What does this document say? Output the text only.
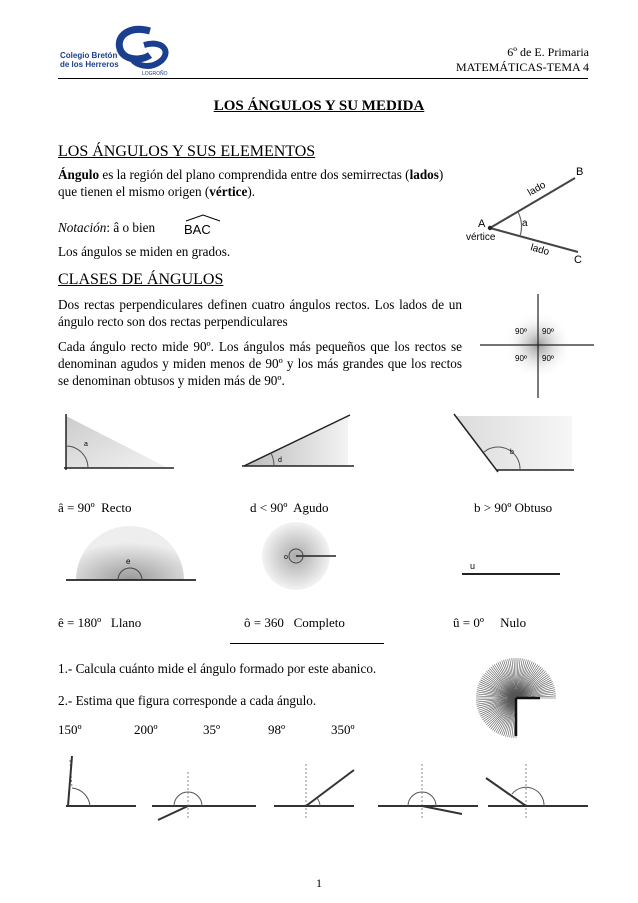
Colegio Bretón
de los Herreros
LOGROÑO
6º de E. Primaria
MATEMÁTICAS-TEMA 4
LOS ÁNGULOS Y SU MEDIDA
LOS ÁNGULOS Y SUS ELEMENTOS
Ángulo es la región del plano comprendida entre dos semirrectas (lados) que tienen el mismo origen (vértice).
Notación: â o bien BAC
Los ángulos se miden en grados.
A
B
C
a
lado
lado
vértice
CLASES DE ÁNGULOS
Dos rectas perpendiculares definen cuatro ángulos rectos. Los lados de un ángulo recto son dos rectas perpendiculares
Cada ángulo recto mide 90º. Los ángulos más pequeños que los rectos se denominan agudos y miden menos de 90º y los más grandes que los rectos se denominan obtusos y miden más de 90º.
90º 90º
90º 90º
a
d
b
â = 90º  Recto	d < 90º  Agudo	b > 90º Obtuso
e	o
u
ê = 180º   Llano	ô = 360   Completo	û = 0º     Nulo
1.- Calcula cuánto mide el ángulo formado por este abanico.
2.- Estima que figura corresponde a cada ángulo.
150º	200º	35º	98º	350º
1
